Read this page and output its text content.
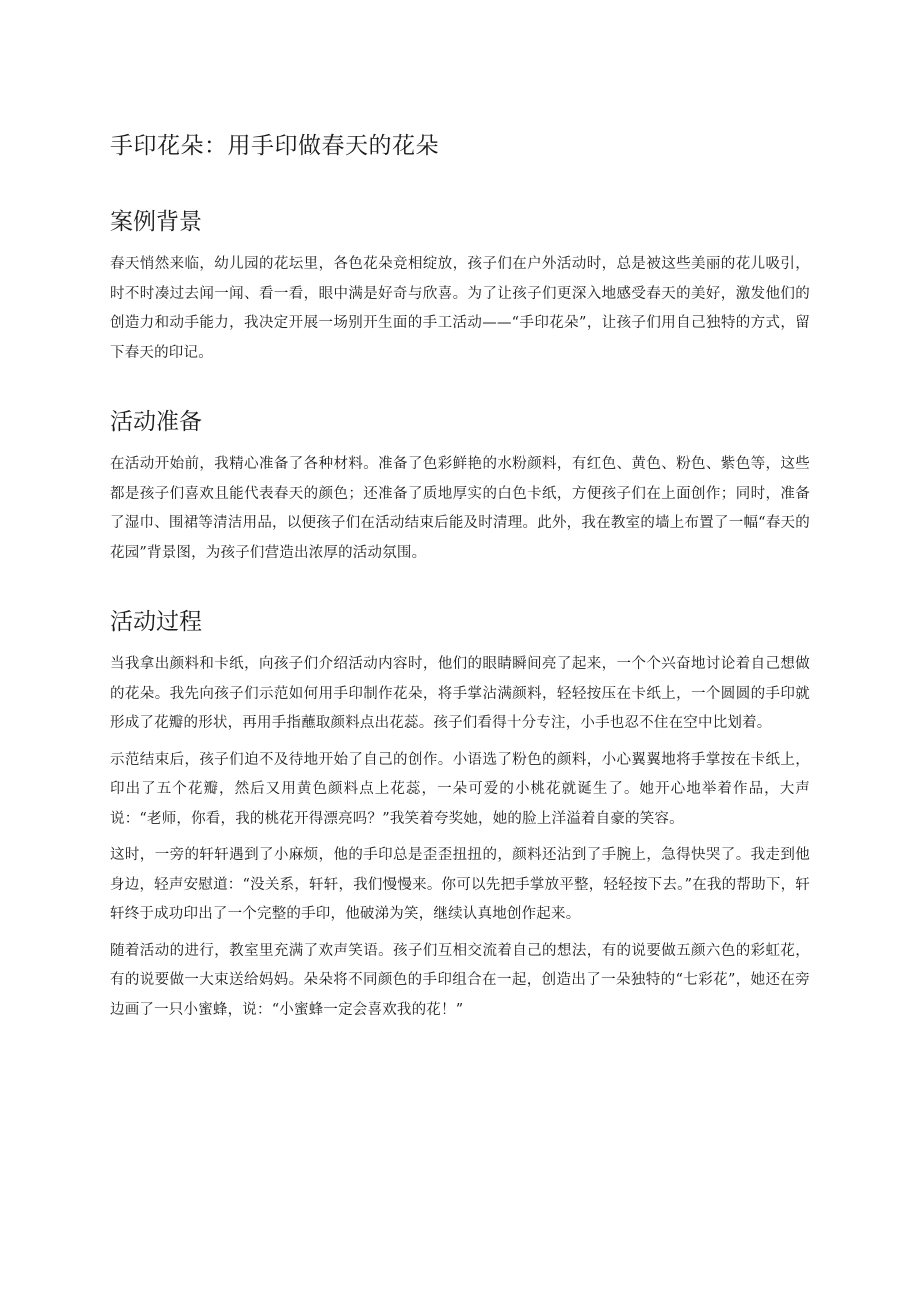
手印花朵：用手印做春天的花朵
案例背景

春天悄然来临，幼儿园的花坛里，各色花朵竞相绽放，孩子们在户外活动时，总是被这些美丽的花儿吸引，时不时凑过去闻一闻、看一看，眼中满是好奇与欣喜。为了让孩子们更深入地感受春天的美好，激发他们的创造力和动手能力，我决定开展一场别开生面的手工活动——“手印花朵”，让孩子们用自己独特的方式，留下春天的印记。

活动准备

在活动开始前，我精心准备了各种材料。准备了色彩鲜艳的水粉颜料，有红色、黄色、粉色、紫色等，这些都是孩子们喜欢且能代表春天的颜色；还准备了质地厚实的白色卡纸，方便孩子们在上面创作；同时，准备了湿巾、围裙等清洁用品，以便孩子们在活动结束后能及时清理。此外，我在教室的墙上布置了一幅“春天的花园”背景图，为孩子们营造出浓厚的活动氛围。

活动过程

当我拿出颜料和卡纸，向孩子们介绍活动内容时，他们的眼睛瞬间亮了起来，一个个兴奋地讨论着自己想做的花朵。我先向孩子们示范如何用手印制作花朵，将手掌沾满颜料，轻轻按压在卡纸上，一个圆圆的手印就形成了花瓣的形状，再用手指蘸取颜料点出花蕊。孩子们看得十分专注，小手也忍不住在空中比划着。

示范结束后，孩子们迫不及待地开始了自己的创作。小语选了粉色的颜料，小心翼翼地将手掌按在卡纸上，印出了五个花瓣，然后又用黄色颜料点上花蕊，一朵可爱的小桃花就诞生了。她开心地举着作品，大声说：“老师，你看，我的桃花开得漂亮吗？”我笑着夸奖她，她的脸上洋溢着自豪的笑容。

这时，一旁的轩轩遇到了小麻烦，他的手印总是歪歪扭扭的，颜料还沾到了手腕上，急得快哭了。我走到他身边，轻声安慰道：“没关系，轩轩，我们慢慢来。你可以先把手掌放平整，轻轻按下去。”在我的帮助下，轩轩终于成功印出了一个完整的手印，他破涕为笑，继续认真地创作起来。

随着活动的进行，教室里充满了欢声笑语。孩子们互相交流着自己的想法，有的说要做五颜六色的彩虹花，有的说要做一大束送给妈妈。朵朵将不同颜色的手印组合在一起，创造出了一朵独特的“七彩花”，她还在旁边画了一只小蜜蜂，说：“小蜜蜂一定会喜欢我的花！”
